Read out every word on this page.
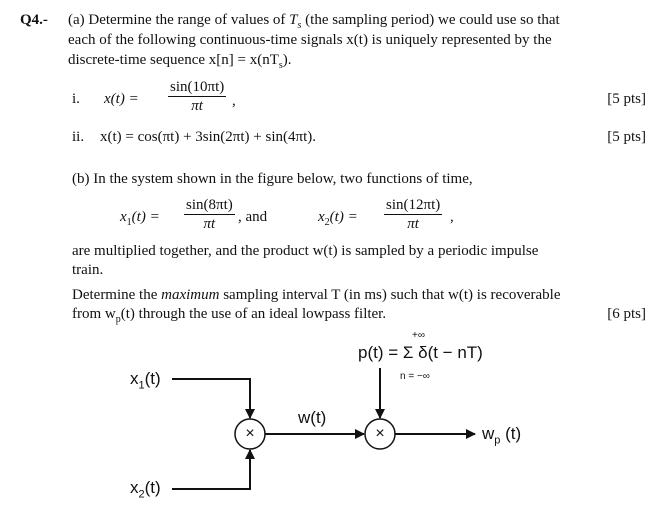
Q4.- (a) Determine the range of values of $T_s$ (the sampling period) we could use so that
each of the following continuous-time signals x(t) is uniquely represented by the
discrete-time sequence $x[n] = x(nT_s)$.
i. $x(t) = \frac{\sin(10\pi t)}{\pi t}$ ,	[5 pts]
ii. x(t) = cos(πt) + 3sin(2πt) + sin(4πt).	[5 pts]
(b) In the system shown in the figure below, two functions of time,
$x_1(t) = \frac{\sin(8\pi t)}{\pi t}$ , and	$x_2(t) = \frac{\sin(12\pi t)}{\pi t}$ ,
are multiplied together, and the product w(t) is sampled by a periodic impulse
train.
Determine the maximum sampling interval T (in ms) such that w(t) is recoverable
from $w_p(t)$ through the use of an ideal lowpass filter.	[6 pts]
×	×
$x_1(t)$
$x_2(t)$
w(t)
+∞
p(t) = Σ δ(t − nT)
n = −∞
$w_p$ (t)
